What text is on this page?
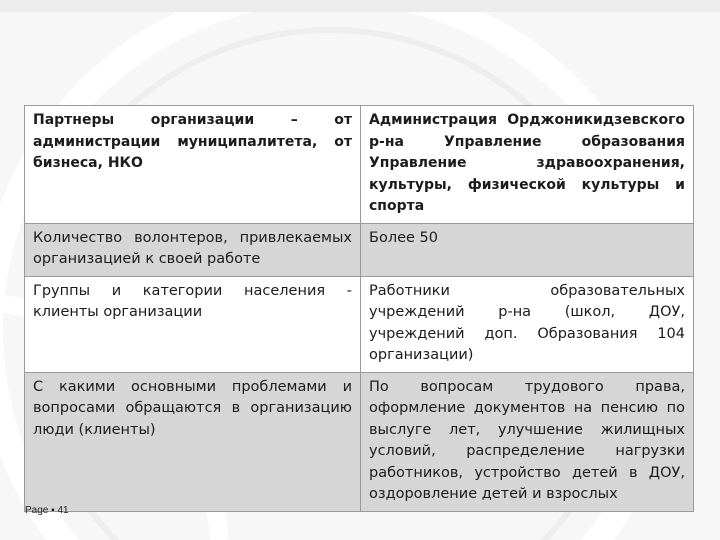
Партнеры организации – от администрации муниципалитета, от бизнеса, НКО	Администрация Орджоникидзевского р-на Управление образования Управление здравоохранения, культуры, физической культуры и спорта
Количество волонтеров, привлекаемых организацией к своей работе	Более 50
Группы и категории населения - клиенты организации	Работники образовательных учреждений р-на (школ, ДОУ, учреждений доп. Образования 104 организации)
С какими основными проблемами и вопросами обращаются в организацию люди (клиенты)	По вопросам трудового права, оформление документов на пенсию по выслуге лет, улучшение жилищных условий, распределение нагрузки работников, устройство детей в ДОУ, оздоровление детей и взрослых
Page ▪ 41
